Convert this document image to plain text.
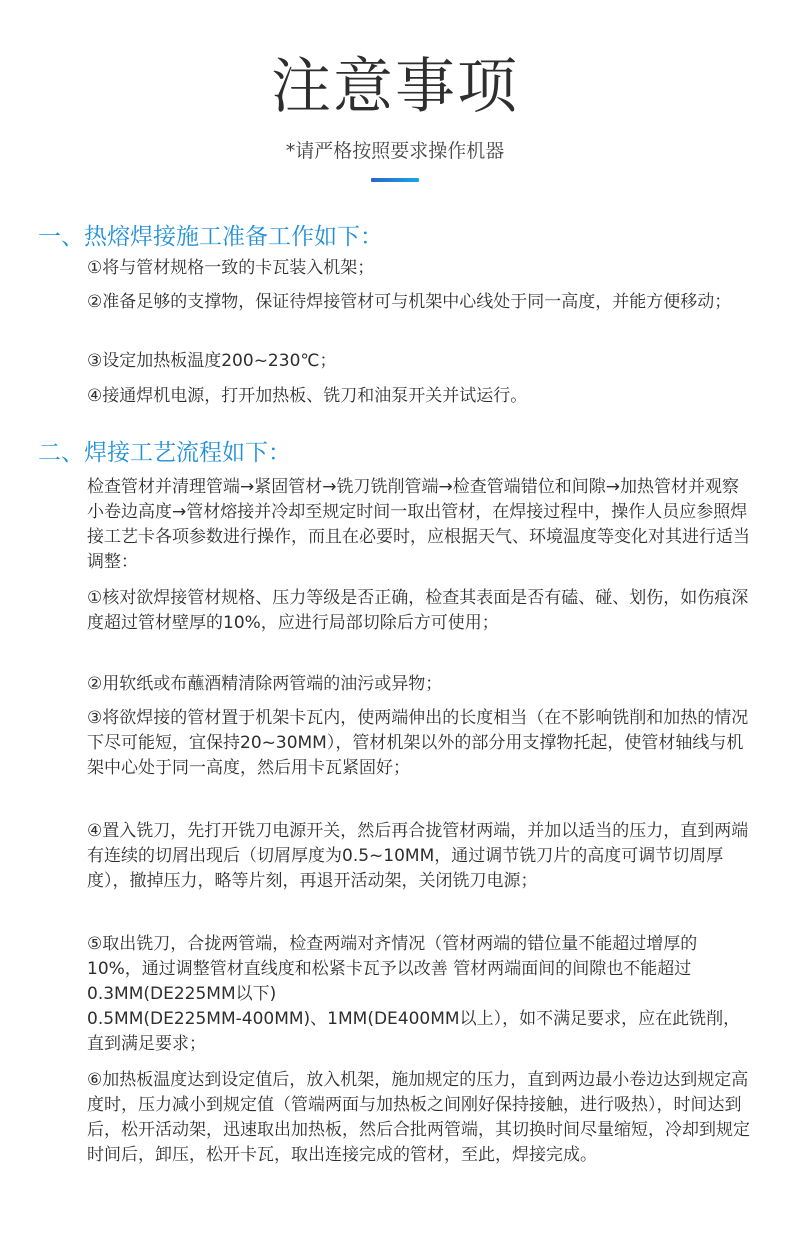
注意事项

*请严格按照要求操作机器

一、热熔焊接施工准备工作如下：

①将与管材规格一致的卡瓦装入机架；

②准备足够的支撑物，保证待焊接管材可与机架中心线处于同一高度，并能方便移动；

③设定加热板温度200~230℃；

④接通焊机电源，打开加热板、铣刀和油泵开关并试运行。

二、焊接工艺流程如下：

检查管材并清理管端→紧固管材→铣刀铣削管端→检查管端错位和间隙→加热管材并观察小卷边高度→管材熔接并冷却至规定时间一取出管材，在焊接过程中，操作人员应参照焊接工艺卡各项参数进行操作，而且在必要时，应根据天气、环境温度等变化对其进行适当调整：

①核对欲焊接管材规格、压力等级是否正确，检查其表面是否有磕、碰、划伤，如伤痕深度超过管材壁厚的10%，应进行局部切除后方可使用；

②用软纸或布蘸酒精清除两管端的油污或异物；

③将欲焊接的管材置于机架卡瓦内，使两端伸出的长度相当（在不影响铣削和加热的情况下尽可能短，宜保持20~30MM），管材机架以外的部分用支撑物托起，使管材轴线与机架中心处于同一高度，然后用卡瓦紧固好；

④置入铣刀，先打开铣刀电源开关，然后再合拢管材两端，并加以适当的压力，直到两端有连续的切屑出现后（切屑厚度为0.5~10MM，通过调节铣刀片的高度可调节切周厚度），撤掉压力，略等片刻，再退开活动架，关闭铣刀电源；

⑤取出铣刀，合拢两管端，检查两端对齐情况（管材两端的错位量不能超过增厚的10%，通过调整管材直线度和松紧卡瓦予以改善 管材两端面间的间隙也不能超过0.3MM(DE225MM以下)
0.5MM(DE225MM-400MM)、1MM(DE400MM以上），如不满足要求，应在此铣削，直到满足要求；

⑥加热板温度达到设定值后，放入机架，施加规定的压力，直到两边最小卷边达到规定高度时，压力减小到规定值（管端两面与加热板之间刚好保持接触，进行吸热），时间达到后，松开活动架，迅速取出加热板，然后合批两管端，其切换时间尽量缩短，冷却到规定时间后，卸压，松开卡瓦，取出连接完成的管材，至此，焊接完成。
